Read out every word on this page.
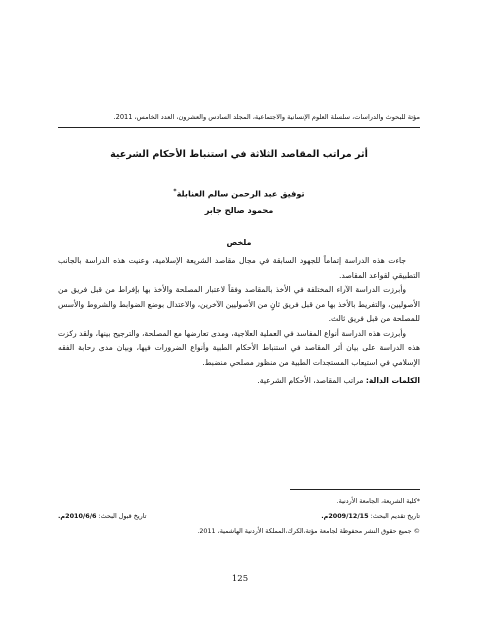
مؤتة للبحوث والدراسات، سلسلة العلوم الإنسانية والاجتماعية، المجلد السادس والعشرون، العدد الخامس، 2011.
أثر مراتب المقاصد الثلاثة في استنباط الأحكام الشرعية
توفيق عبد الرحمن سالم العنابلة*
محمود صالح جابر
ملخص

جاءت هذه الدراسة إتماماً للجهود السابقة في مجال مقاصد الشريعة الإسلامية، وعنيت هذه الدراسة بالجانب التطبيقي لقواعد المقاصد.

وأبرزت الدراسة الآراء المختلفة في الأخذ بالمقاصد وفقاً لاعتبار المصلحة والأخذ بها بإفراط من قبل فريق من الأصوليين، والتفريط بالأخذ بها من قبل فريق ثانٍ من الأصوليين الآخرين، والاعتدال بوضع الضوابط والشروط والأسس للمصلحة من قبل فريق ثالث.

وأبرزت هذه الدراسة أنواع المفاسد في العملية العلاجية، ومدى تعارضها مع المصلحة، والترجيح بينها، ولقد ركزت هذه الدراسة على بيان أثر المقاصد في استنباط الأحكام الطبية وأنواع الضرورات فيها، وبيان مدى رحابة الفقه الإسلامي في استيعاب المستجدات الطبية من منظور مصلحي منضبط.

الكلمات الدالة: مراتب المقاصد، الأحكام الشرعية.
*كلية الشريعة، الجامعة الأردنية.
تاريخ تقديم البحث: 2009/12/15م.
تاريخ قبول البحث: 2010/6/6م.
© جميع حقوق النشر محفوظة لجامعة مؤتة،الكرك،المملكة الأردنية الهاشمية، 2011.
125
